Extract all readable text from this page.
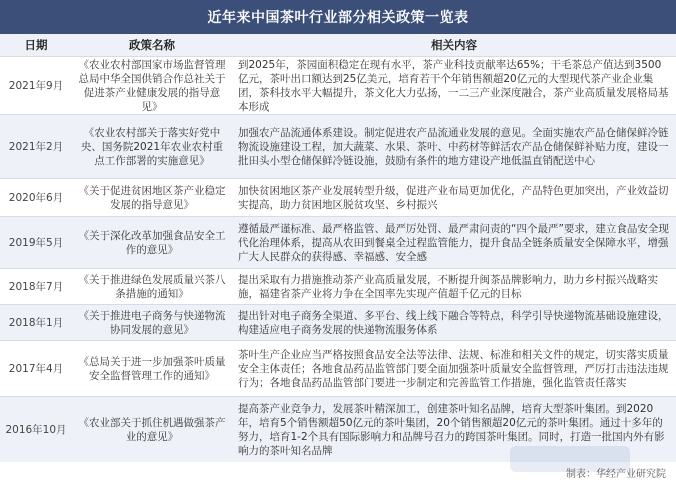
近年来中国茶叶行业部分相关政策一览表
日期	政策名称	相关内容
2021年9月
《农业农村部国家市场监督管理总局中华全国供销合作总社关于促进茶产业健康发展的指导意见》
到2025年，茶园面积稳定在现有水平，茶产业科技贡献率达65%；干毛茶总产值达到3500亿元，茶叶出口额达到25亿美元，培育若干个年销售额超20亿元的大型现代茶产业企业集团，茶科技水平大幅提升，茶文化大力弘扬，一二三产业深度融合，茶产业高质量发展格局基本形成
2021年2月
《农业农村部关于落实好党中央、国务院2021年农业农村重点工作部署的实施意见》
加强农产品流通体系建设。制定促进农产品流通业发展的意见。全面实施农产品仓储保鲜冷链物流设施建设工程，加大蔬菜、水果、茶叶、中药材等鲜活农产品仓储保鲜补贴力度，建设一批田头小型仓储保鲜冷链设施，鼓励有条件的地方建设产地低温直销配送中心
2020年6月
《关于促进贫困地区茶产业稳定发展的指导意见》
加快贫困地区茶产业发展转型升级，促进产业布局更加优化，产品特色更加突出，产业效益切实提高，助力贫困地区脱贫攻坚、乡村振兴
2019年5月
《关于深化改革加强食品安全工作的意见》
遵循最严谨标准、最严格监管、最严厉处罚、最严肃问责的“四个最严”要求，建立食品安全现代化治理体系，提高从农田到餐桌全过程监管能力，提升食品全链条质量安全保障水平，增强广大人民群众的获得感、幸福感、安全感
2018年7月
《关于推进绿色发展质量兴茶八条措施的通知》
提出采取有力措施推动茶产业高质量发展，不断提升闽茶品牌影响力，助力乡村振兴战略实施，福建省茶产业将力争在全国率先实现产值超千亿元的目标
2018年1月
《关于推进电子商务与快递物流协同发展的意见》
提出针对电子商务全渠道、多平台、线上线下融合等特点，科学引导快递物流基础设施建设，构建适应电子商务发展的快递物流服务体系
2017年4月
《总局关于进一步加强茶叶质量安全监督管理工作的通知》
茶叶生产企业应当严格按照食品安全法等法律、法规、标准和相关文件的规定，切实落实质量安全主体责任；各地食品药品监管部门要全面加强茶叶质量安全监督管理，严厉打击违法违规行为；各地食品药品监管部门要进一步制定和完善监管工作措施，强化监管责任落实
2016年10月
《农业部关于抓住机遇做强茶产业的意见》
提高茶产业竞争力，发展茶叶精深加工，创建茶叶知名品牌，培育大型茶叶集团。到2020年，培育5个销售额超50亿元的茶叶集团，20个销售额超20亿元的茶叶集团。通过十多年的努力，培育1-2个具有国际影响力和品牌号召力的跨国茶叶集团。同时，打造一批国内外有影响力的茶叶知名品牌
制表：华经产业研究院
